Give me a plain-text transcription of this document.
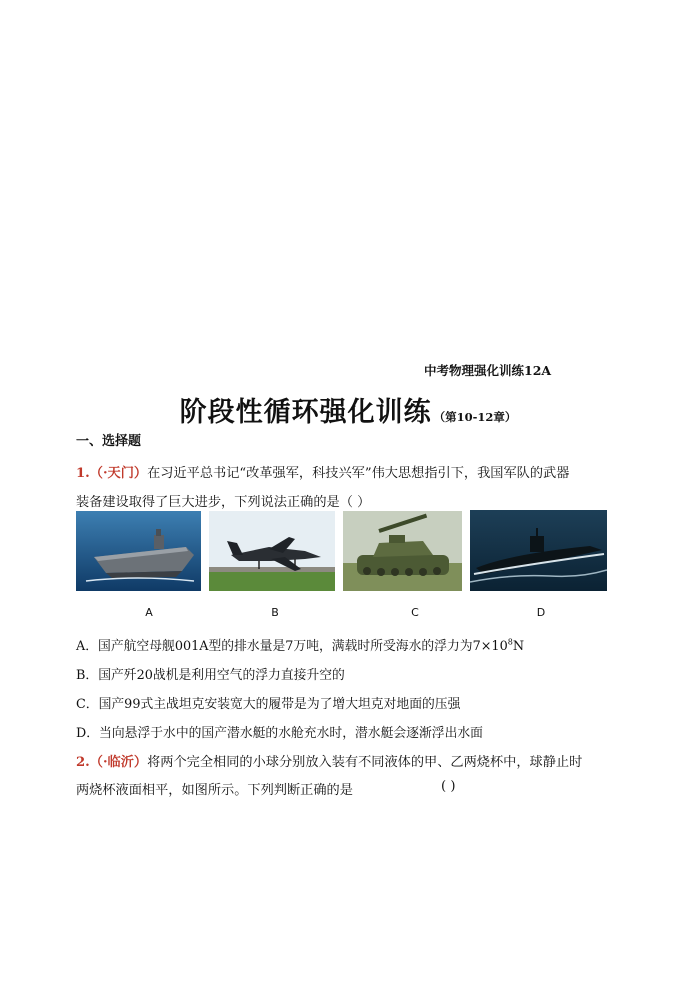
中考物理强化训练12A
阶段性循环强化训练 （第10-12章）
一、选择题
1.（·天门）在习近平总书记“改革强军，科技兴军”伟大思想指引下，我国军队的武器
装备建设取得了巨大进步，下列说法正确的是（ ）
A	B	C	D
A．国产航空母舰001A型的排水量是7万吨，满载时所受海水的浮力为$7\times 10^8N$
B．国产歼20战机是利用空气的浮力直接升空的
C．国产99式主战坦克安装宽大的履带是为了增大坦克对地面的压强
D．当向悬浮于水中的国产潜水艇的水舱充水时，潜水艇会逐渐浮出水面
2.（·临沂）将两个完全相同的小球分别放入装有不同液体的甲、乙两烧杯中，球静止时
两烧杯液面相平，如图所示。下列判断正确的是	( )
